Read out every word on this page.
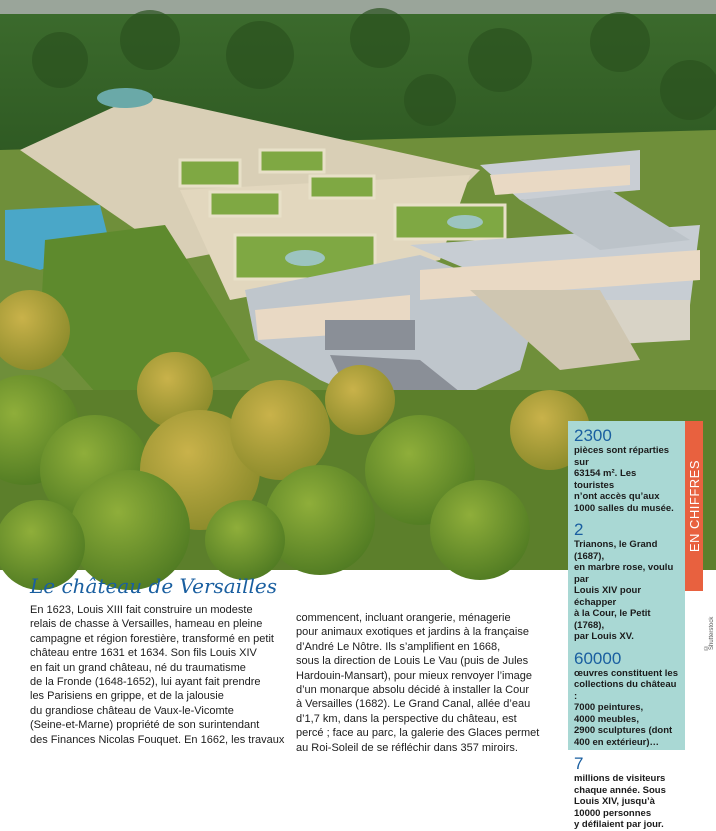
© Shutterstock
Le château de Versailles
En 1623, Louis XIII fait construire un modeste
relais de chasse à Versailles, hameau en pleine
campagne et région forestière, transformé en petit
château entre 1631 et 1634. Son fils Louis XIV
en fait un grand château, né du traumatisme
de la Fronde (1648-1652), lui ayant fait prendre
les Parisiens en grippe, et de la jalousie
du grandiose château de Vaux-le-Vicomte
(Seine-et-Marne) propriété de son surintendant
des Finances Nicolas Fouquet. En 1662, les travaux
commencent, incluant orangerie, ménagerie
pour animaux exotiques et jardins à la française
d’André Le Nôtre. Ils s’amplifient en 1668,
sous la direction de Louis Le Vau (puis de Jules
Hardouin-Mansart), pour mieux renvoyer l’image
d’un monarque absolu décidé à installer la Cour
à Versailles (1682). Le Grand Canal, allée d’eau
d’1,7 km, dans la perspective du château, est
percé ; face au parc, la galerie des Glaces permet
au Roi-Soleil de se réfléchir dans 357 miroirs.
2300
pièces sont réparties sur
63154 m². Les touristes
n’ont accès qu’aux
1000 salles du musée.
2
Trianons, le Grand (1687),
en marbre rose, voulu par
Louis XIV pour échapper
à la Cour, le Petit (1768),
par Louis XV.
60000
œuvres constituent les
collections du château :
7000 peintures,
4000 meubles,
2900 sculptures (dont
400 en extérieur)…
7
millions de visiteurs
chaque année. Sous
Louis XIV, jusqu’à
10000 personnes
y défilaient par jour.
EN CHIFFRES
